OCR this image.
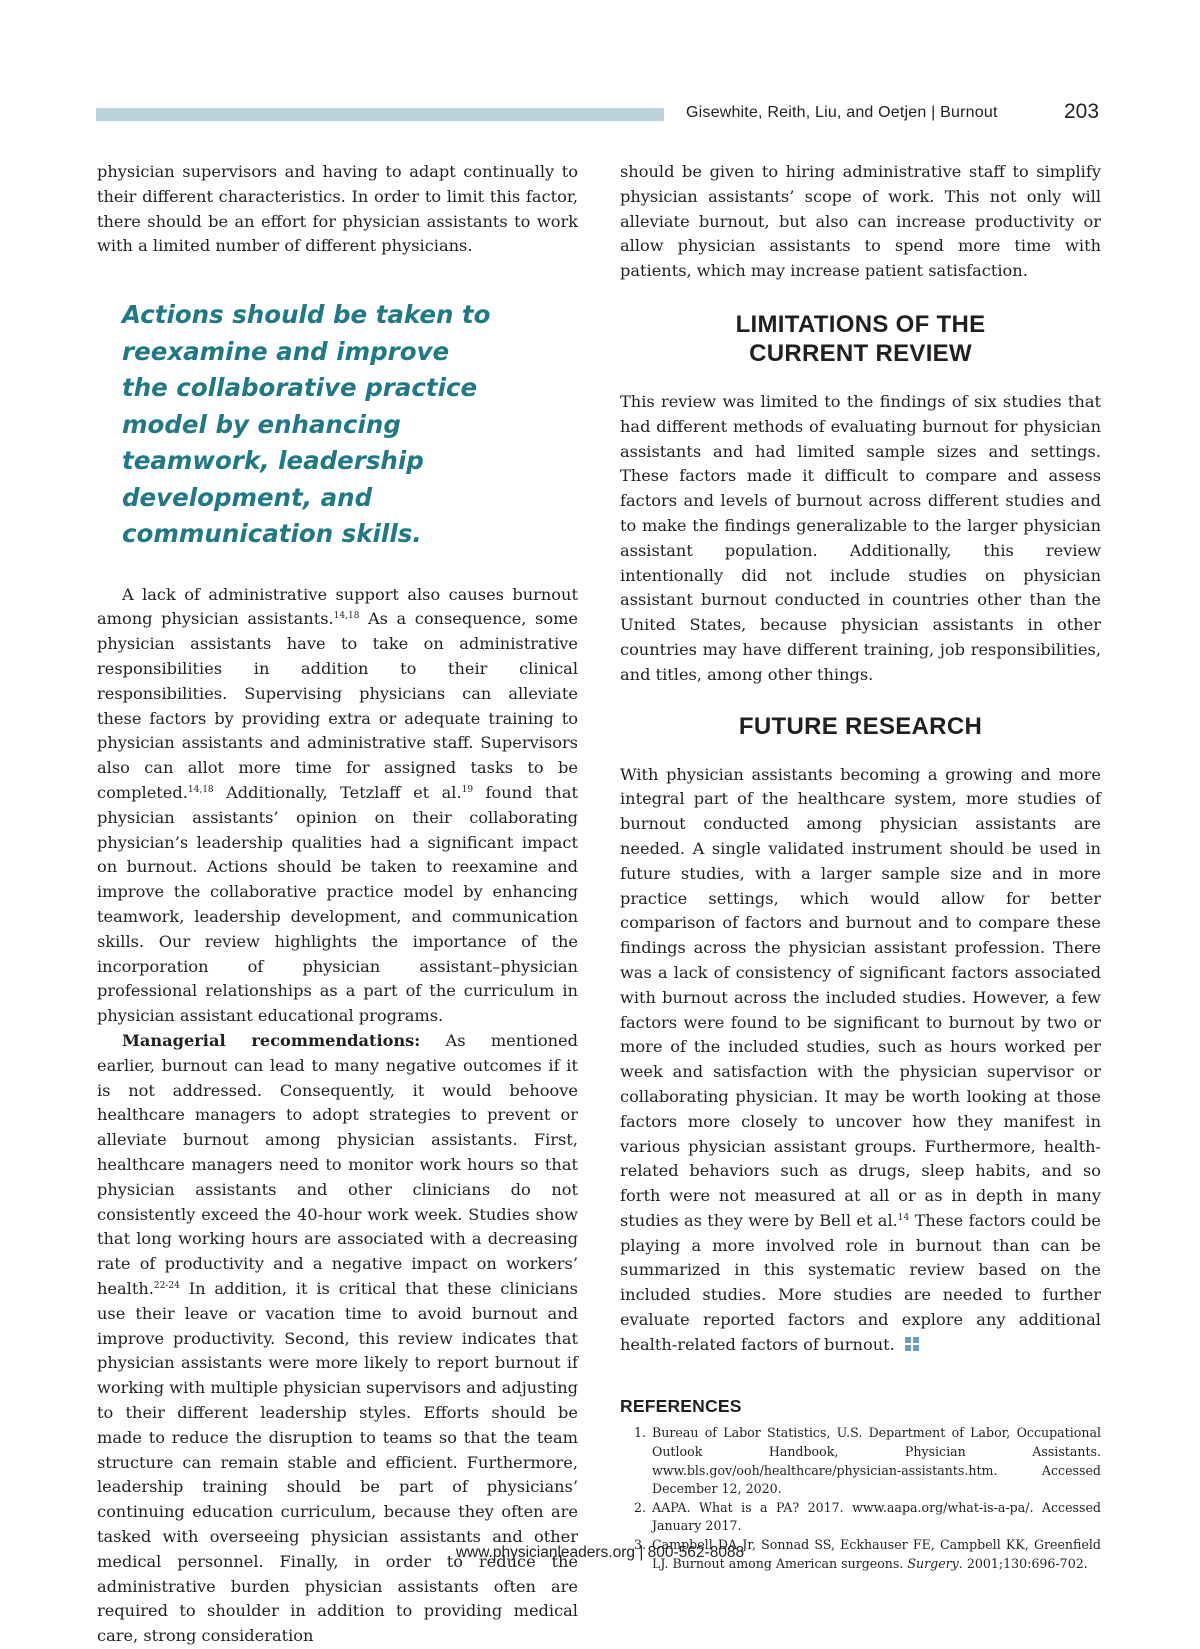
Gisewhite, Reith, Liu, and Oetjen | Burnout	203

physician supervisors and having to adapt continually to their different characteristics. In order to limit this factor, there should be an effort for physician assistants to work with a limited number of different physicians.

Actions should be taken to reexamine and improve the collaborative practice model by enhancing teamwork, leadership development, and communication skills.

A lack of administrative support also causes burnout among physician assistants.$^{14,18}$ As a consequence, some physician assistants have to take on administrative responsibilities in addition to their clinical responsibilities. Supervising physicians can alleviate these factors by providing extra or adequate training to physician assistants and administrative staff. Supervisors also can allot more time for assigned tasks to be completed.$^{14,18}$ Additionally, Tetzlaff et al.$^{19}$ found that physician assistants’ opinion on their collaborating physician’s leadership qualities had a significant impact on burnout. Actions should be taken to reexamine and improve the collaborative practice model by enhancing teamwork, leadership development, and communication skills. Our review highlights the importance of the incorporation of physician assistant–physician professional relationships as a part of the curriculum in physician assistant educational programs.

Managerial recommendations: As mentioned earlier, burnout can lead to many negative outcomes if it is not addressed. Consequently, it would behoove healthcare managers to adopt strategies to prevent or alleviate burnout among physician assistants. First, healthcare managers need to monitor work hours so that physician assistants and other clinicians do not consistently exceed the 40-hour work week. Studies show that long working hours are associated with a decreasing rate of productivity and a negative impact on workers’ health.$^{22-24}$ In addition, it is critical that these clinicians use their leave or vacation time to avoid burnout and improve productivity. Second, this review indicates that physician assistants were more likely to report burnout if working with multiple physician supervisors and adjusting to their different leadership styles. Efforts should be made to reduce the disruption to teams so that the team structure can remain stable and efficient. Furthermore, leadership training should be part of physicians’ continuing education curriculum, because they often are tasked with overseeing physician assistants and other medical personnel. Finally, in order to reduce the administrative burden physician assistants often are required to shoulder in addition to providing medical care, strong consideration

should be given to hiring administrative staff to simplify physician assistants’ scope of work. This not only will alleviate burnout, but also can increase productivity or allow physician assistants to spend more time with patients, which may increase patient satisfaction.

LIMITATIONS OF THE
CURRENT REVIEW

This review was limited to the findings of six studies that had different methods of evaluating burnout for physician assistants and had limited sample sizes and settings. These factors made it difficult to compare and assess factors and levels of burnout across different studies and to make the findings generalizable to the larger physician assistant population. Additionally, this review intentionally did not include studies on physician assistant burnout conducted in countries other than the United States, because physician assistants in other countries may have different training, job responsibilities, and titles, among other things.

FUTURE RESEARCH

With physician assistants becoming a growing and more integral part of the healthcare system, more studies of burnout conducted among physician assistants are needed. A single validated instrument should be used in future studies, with a larger sample size and in more practice settings, which would allow for better comparison of factors and burnout and to compare these findings across the physician assistant profession. There was a lack of consistency of significant factors associated with burnout across the included studies. However, a few factors were found to be significant to burnout by two or more of the included studies, such as hours worked per week and satisfaction with the physician supervisor or collaborating physician. It may be worth looking at those factors more closely to uncover how they manifest in various physician assistant groups. Furthermore, health-related behaviors such as drugs, sleep habits, and so forth were not measured at all or as in depth in many studies as they were by Bell et al.$^{14}$ These factors could be playing a more involved role in burnout than can be summarized in this systematic review based on the included studies. More studies are needed to further evaluate reported factors and explore any additional health-related factors of burnout.

REFERENCES
1. Bureau of Labor Statistics, U.S. Department of Labor, Occupational Outlook Handbook, Physician Assistants. www.bls.gov/ooh/healthcare/physician-assistants.htm. Accessed December 12, 2020.
2. AAPA. What is a PA? 2017. www.aapa.org/what-is-a-pa/. Accessed January 2017.
3. Campbell DA Jr, Sonnad SS, Eckhauser FE, Campbell KK, Greenfield LJ. Burnout among American surgeons. Surgery. 2001;130:696-702.
www.physicianleaders.org | 800-562-8088
